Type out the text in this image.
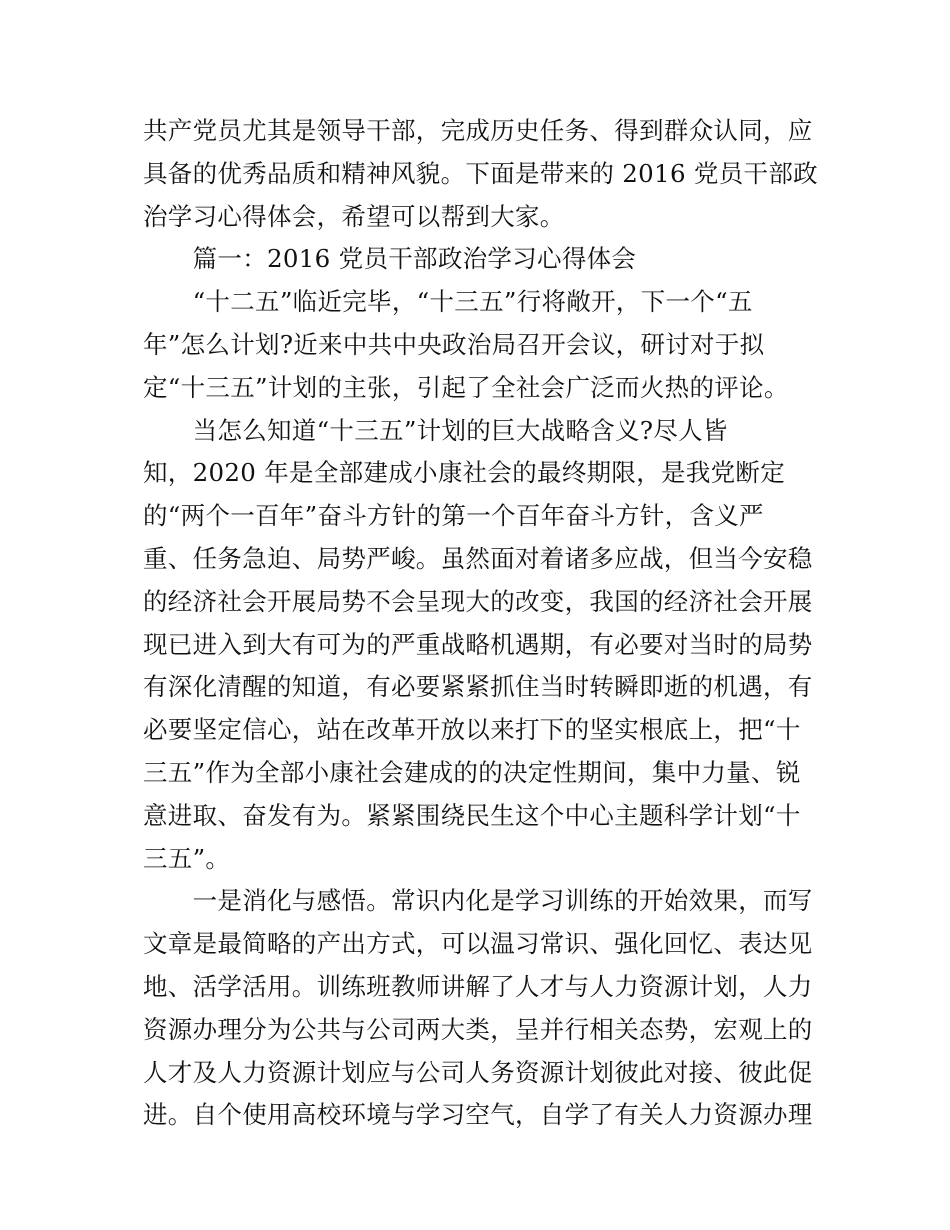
共产党员尤其是领导干部，完成历史任务、得到群众认同，应
具备的优秀品质和精神风貌。下面是带来的 2016 党员干部政
治学习心得体会，希望可以帮到大家。
　　篇一：2016 党员干部政治学习心得体会
　　“十二五”临近完毕，“十三五”行将敞开，下一个“五
年”怎么计划?近来中共中央政治局召开会议，研讨对于拟
定“十三五”计划的主张，引起了全社会广泛而火热的评论。
　　当怎么知道“十三五”计划的巨大战略含义?尽人皆
知，2020 年是全部建成小康社会的最终期限，是我党断定
的“两个一百年”奋斗方针的第一个百年奋斗方针，含义严
重、任务急迫、局势严峻。虽然面对着诸多应战，但当今安稳
的经济社会开展局势不会呈现大的改变，我国的经济社会开展
现已进入到大有可为的严重战略机遇期，有必要对当时的局势
有深化清醒的知道，有必要紧紧抓住当时转瞬即逝的机遇，有
必要坚定信心，站在改革开放以来打下的坚实根底上，把“十
三五”作为全部小康社会建成的的决定性期间，集中力量、锐
意进取、奋发有为。紧紧围绕民生这个中心主题科学计划“十
三五”。
　　一是消化与感悟。常识内化是学习训练的开始效果，而写
文章是最简略的产出方式，可以温习常识、强化回忆、表达见
地、活学活用。训练班教师讲解了人才与人力资源计划，人力
资源办理分为公共与公司两大类，呈并行相关态势，宏观上的
人才及人力资源计划应与公司人务资源计划彼此对接、彼此促
进。自个使用高校环境与学习空气，自学了有关人力资源办理
